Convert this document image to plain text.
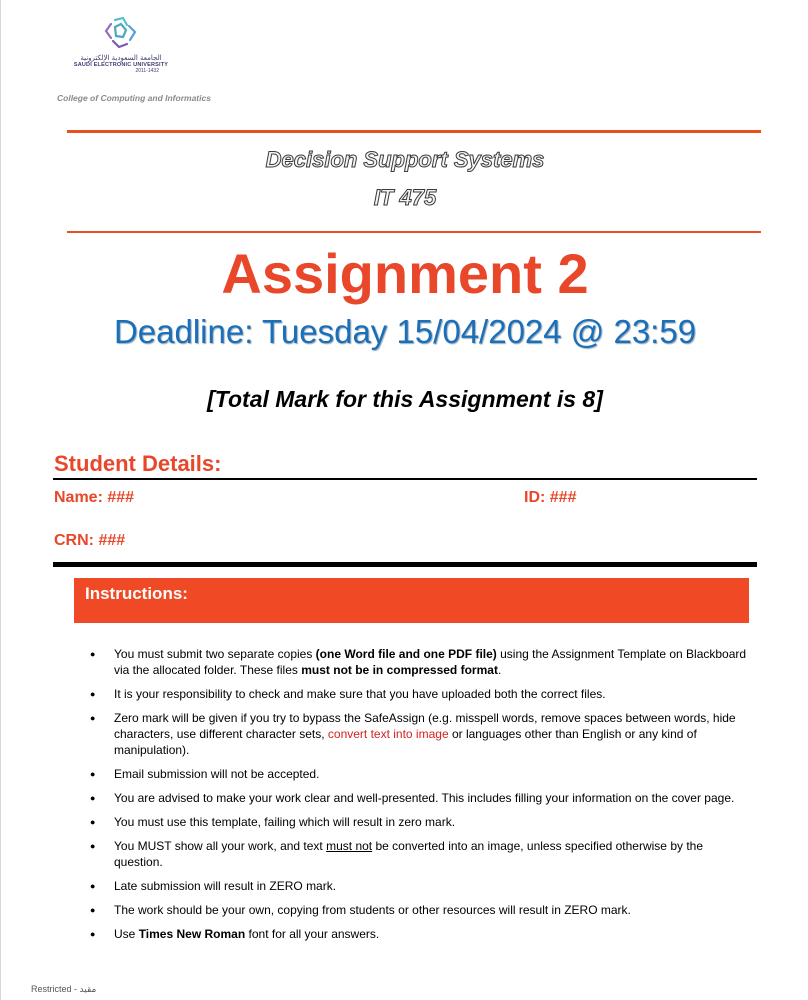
الجامعة السعودية الإلكترونية
SAUDI ELECTRONIC UNIVERSITY
2011-1432
College of Computing and Informatics
Decision Support Systems
IT 475
Assignment 2
Deadline: Tuesday 15/04/2024 @ 23:59
[Total Mark for this Assignment is 8]
Student Details:
Name: ###	ID: ###
CRN: ###
Instructions:
● You must submit two separate copies (one Word file and one PDF file) using the Assignment Template on Blackboard via the allocated folder. These files must not be in compressed format.
● It is your responsibility to check and make sure that you have uploaded both the correct files.
● Zero mark will be given if you try to bypass the SafeAssign (e.g. misspell words, remove spaces between words, hide characters, use different character sets, convert text into image or languages other than English or any kind of manipulation).
● Email submission will not be accepted.
● You are advised to make your work clear and well-presented. This includes filling your information on the cover page.
● You must use this template, failing which will result in zero mark.
● You MUST show all your work, and text must not be converted into an image, unless specified otherwise by the question.
● Late submission will result in ZERO mark.
● The work should be your own, copying from students or other resources will result in ZERO mark.
● Use Times New Roman font for all your answers.
Restricted - مقيد
